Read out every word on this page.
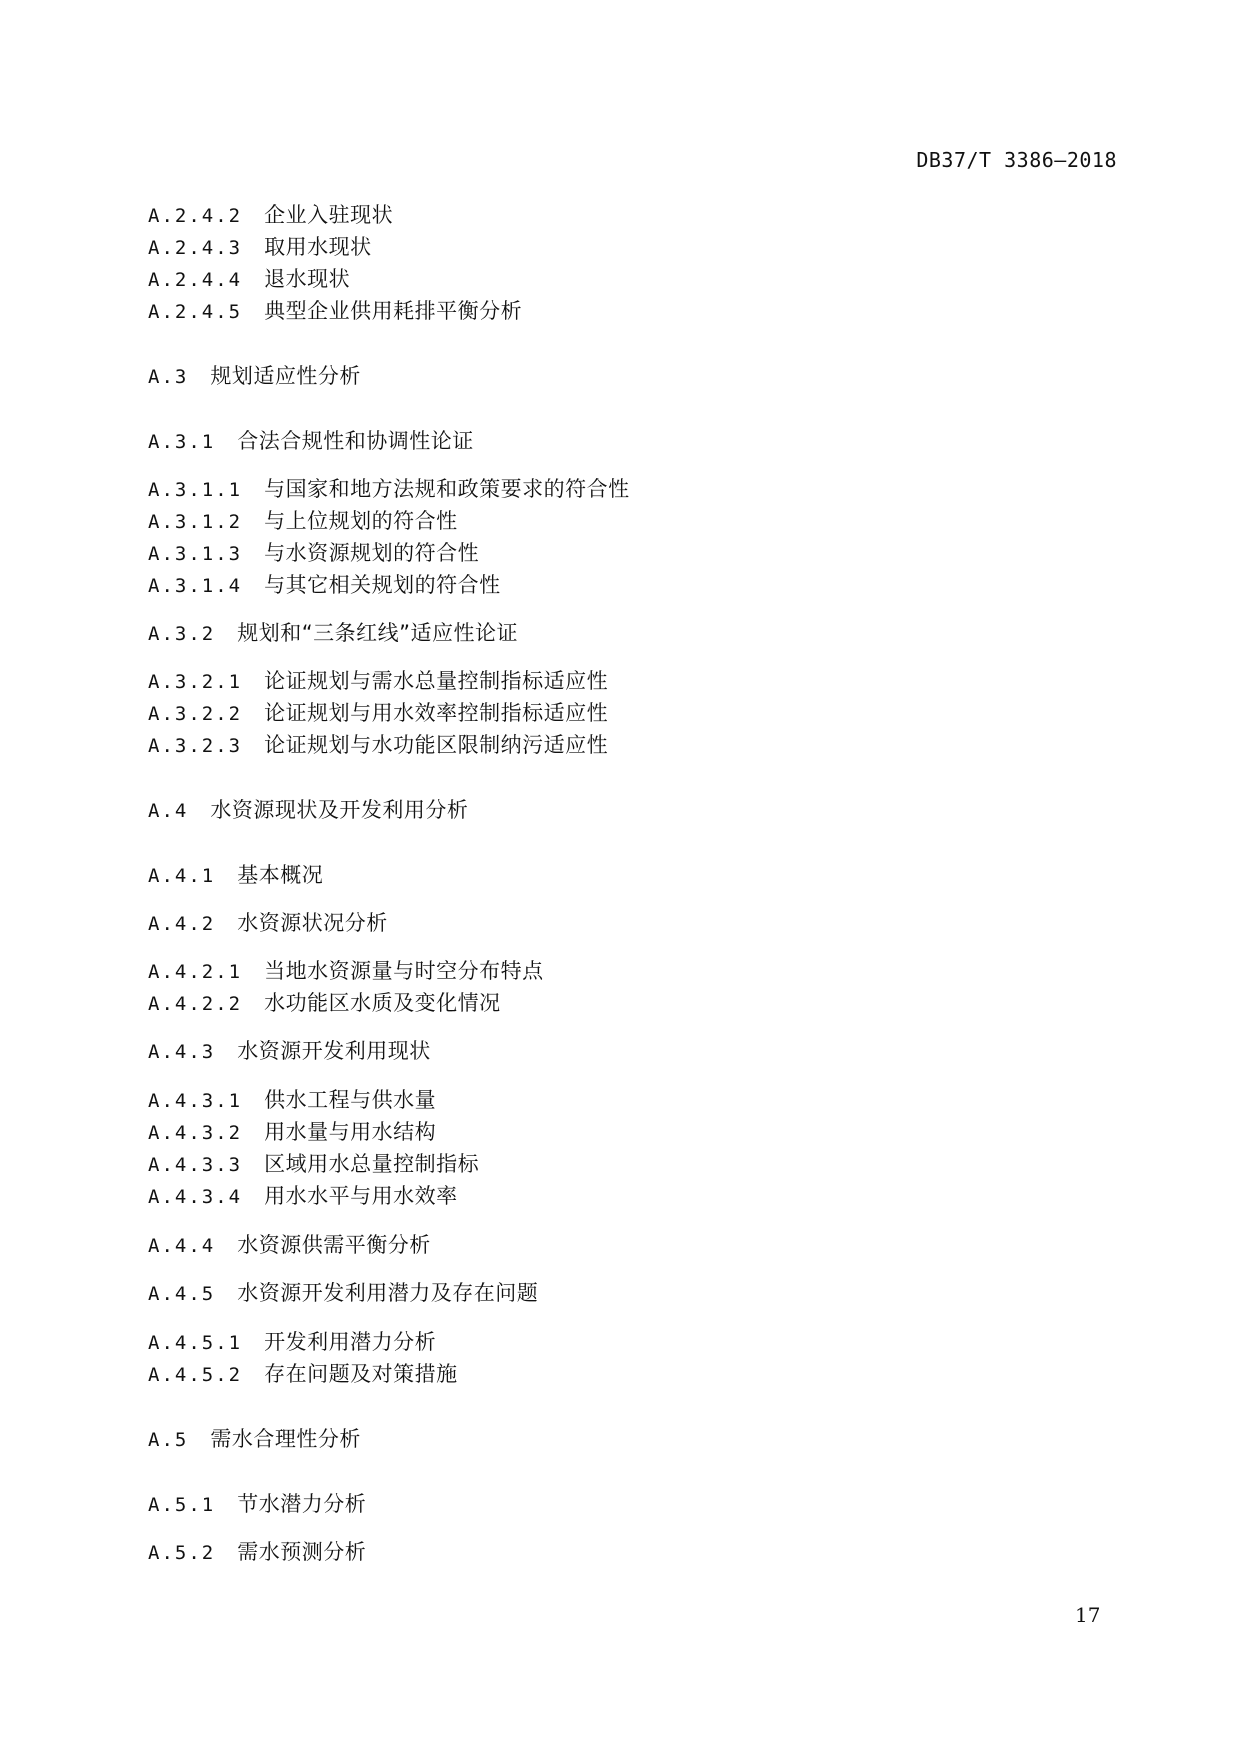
DB37/T 3386—2018
A.2.4.2 企业入驻现状
A.2.4.3 取用水现状
A.2.4.4 退水现状
A.2.4.5 典型企业供用耗排平衡分析
A.3 规划适应性分析
A.3.1 合法合规性和协调性论证
A.3.1.1 与国家和地方法规和政策要求的符合性
A.3.1.2 与上位规划的符合性
A.3.1.3 与水资源规划的符合性
A.3.1.4 与其它相关规划的符合性
A.3.2 规划和“三条红线”适应性论证
A.3.2.1 论证规划与需水总量控制指标适应性
A.3.2.2 论证规划与用水效率控制指标适应性
A.3.2.3 论证规划与水功能区限制纳污适应性
A.4 水资源现状及开发利用分析
A.4.1 基本概况
A.4.2 水资源状况分析
A.4.2.1 当地水资源量与时空分布特点
A.4.2.2 水功能区水质及变化情况
A.4.3 水资源开发利用现状
A.4.3.1 供水工程与供水量
A.4.3.2 用水量与用水结构
A.4.3.3 区域用水总量控制指标
A.4.3.4 用水水平与用水效率
A.4.4 水资源供需平衡分析
A.4.5 水资源开发利用潜力及存在问题
A.4.5.1 开发利用潜力分析
A.4.5.2 存在问题及对策措施
A.5 需水合理性分析
A.5.1 节水潜力分析
A.5.2 需水预测分析
17
